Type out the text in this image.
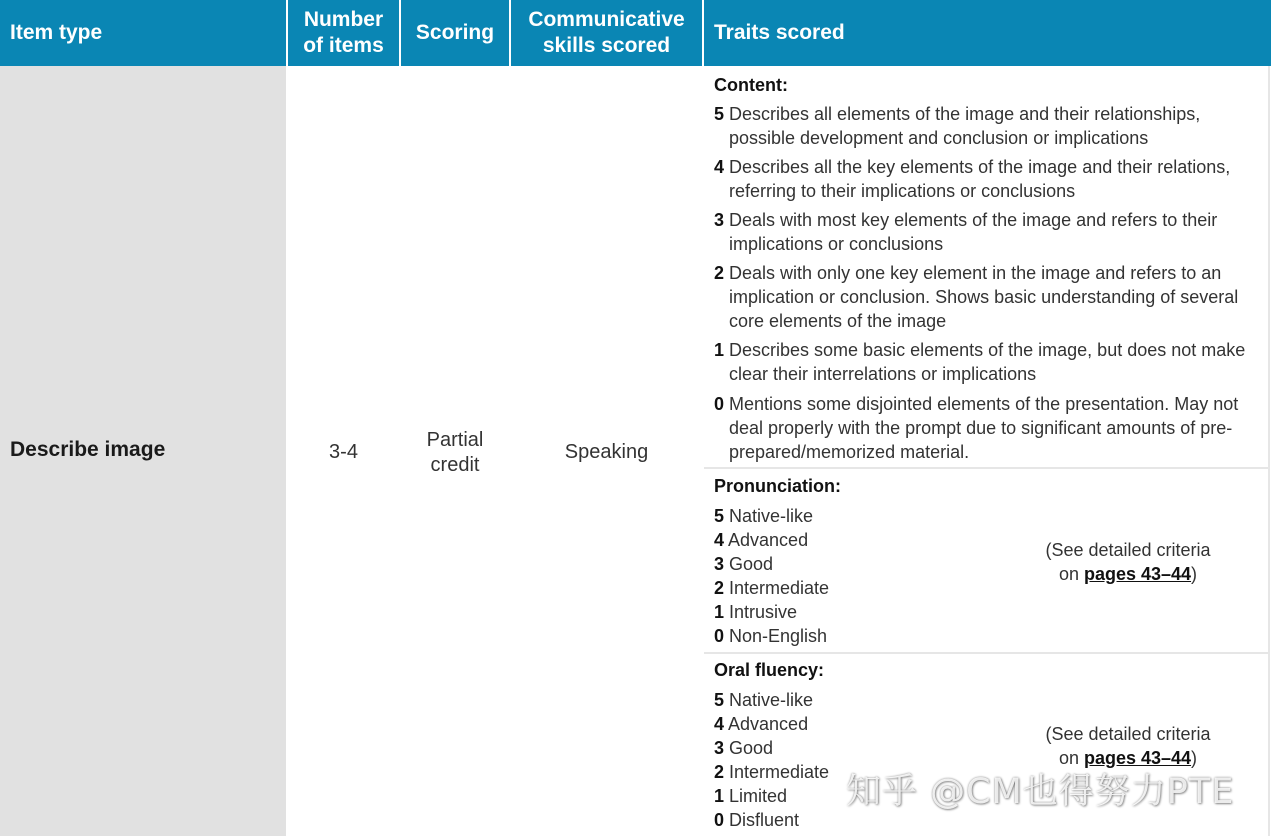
Item type
Number of items
Scoring
Communicative skills scored
Traits scored
Describe image	3-4
Partial credit
Speaking
Content:
5 Describes all elements of the image and their relationships, possible development and conclusion or implications
4 Describes all the key elements of the image and their relations, referring to their implications or conclusions
3 Deals with most key elements of the image and refers to their implications or conclusions
2 Deals with only one key element in the image and refers to an implication or conclusion. Shows basic understanding of several core elements of the image
1 Describes some basic elements of the image, but does not make clear their interrelations or implications
0 Mentions some disjointed elements of the presentation. May not deal properly with the prompt due to significant amounts of pre-prepared/memorized material.
Pronunciation:
5 Native-like
4 Advanced
3 Good
2 Intermediate
1 Intrusive
0 Non-English
(See detailed criteria
on pages 43–44)
Oral fluency:
5 Native-like
4 Advanced
3 Good
2 Intermediate
1 Limited
0 Disfluent
(See detailed criteria
on pages 43–44)
知乎 @CM也得努力PTE
